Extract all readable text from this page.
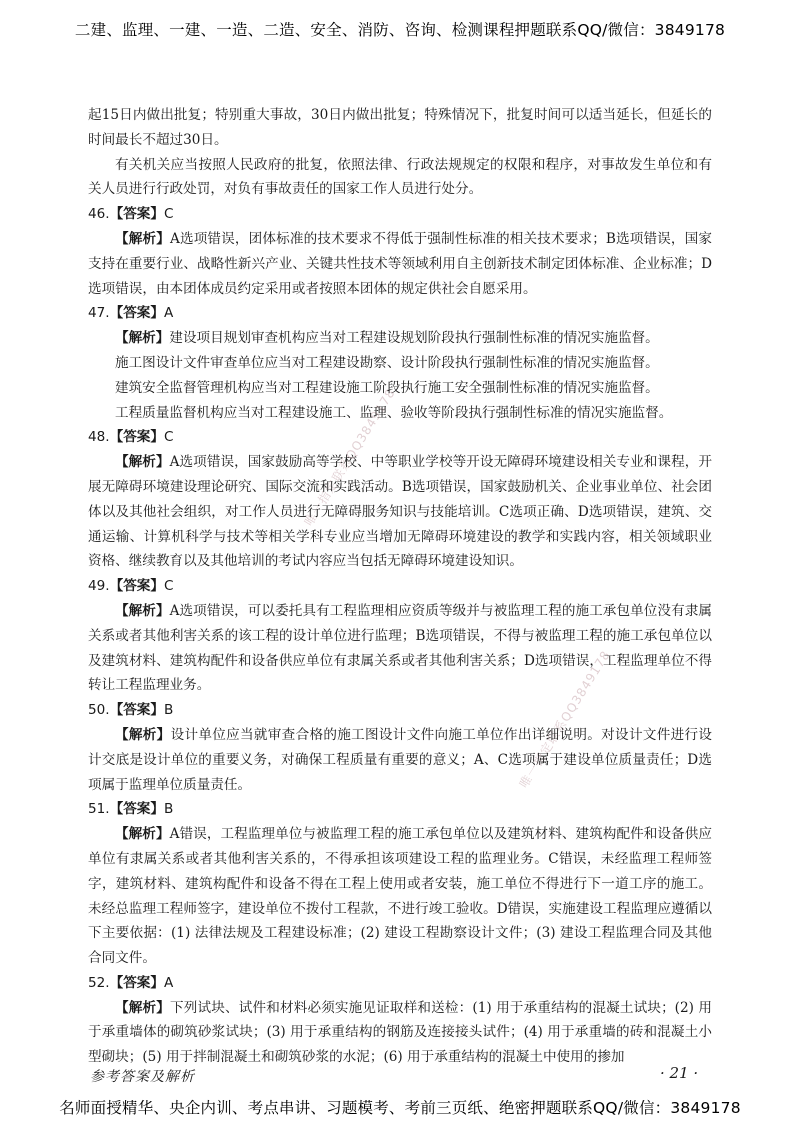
二建、监理、一建、一造、二造、安全、消防、咨询、检测课程押题联系QQ/微信：3849178
唯一指定联系QQ3849178
唯一指定联系QQ3849178

起15日内做出批复；特别重大事故，30日内做出批复；特殊情况下，批复时间可以适当延长，但延长的时间最长不超过30日。

有关机关应当按照人民政府的批复，依照法律、行政法规规定的权限和程序，对事故发生单位和有关人员进行行政处罚，对负有事故责任的国家工作人员进行处分。

46.【答案】C

【解析】A选项错误，团体标准的技术要求不得低于强制性标准的相关技术要求；B选项错误，国家支持在重要行业、战略性新兴产业、关键共性技术等领域利用自主创新技术制定团体标准、企业标准；D选项错误，由本团体成员约定采用或者按照本团体的规定供社会自愿采用。

47.【答案】A

【解析】建设项目规划审查机构应当对工程建设规划阶段执行强制性标准的情况实施监督。

施工图设计文件审查单位应当对工程建设勘察、设计阶段执行强制性标准的情况实施监督。

建筑安全监督管理机构应当对工程建设施工阶段执行施工安全强制性标准的情况实施监督。

工程质量监督机构应当对工程建设施工、监理、验收等阶段执行强制性标准的情况实施监督。

48.【答案】C

【解析】A选项错误，国家鼓励高等学校、中等职业学校等开设无障碍环境建设相关专业和课程，开展无障碍环境建设理论研究、国际交流和实践活动。B选项错误，国家鼓励机关、企业事业单位、社会团体以及其他社会组织，对工作人员进行无障碍服务知识与技能培训。C选项正确、D选项错误，建筑、交通运输、计算机科学与技术等相关学科专业应当增加无障碍环境建设的教学和实践内容，相关领域职业资格、继续教育以及其他培训的考试内容应当包括无障碍环境建设知识。

49.【答案】C

【解析】A选项错误，可以委托具有工程监理相应资质等级并与被监理工程的施工承包单位没有隶属关系或者其他利害关系的该工程的设计单位进行监理；B选项错误，不得与被监理工程的施工承包单位以及建筑材料、建筑构配件和设备供应单位有隶属关系或者其他利害关系；D选项错误，工程监理单位不得转让工程监理业务。

50.【答案】B

【解析】设计单位应当就审查合格的施工图设计文件向施工单位作出详细说明。对设计文件进行设计交底是设计单位的重要义务，对确保工程质量有重要的意义；A、C选项属于建设单位质量责任；D选项属于监理单位质量责任。

51.【答案】B

【解析】A错误，工程监理单位与被监理工程的施工承包单位以及建筑材料、建筑构配件和设备供应单位有隶属关系或者其他利害关系的，不得承担该项建设工程的监理业务。C错误，未经监理工程师签字，建筑材料、建筑构配件和设备不得在工程上使用或者安装，施工单位不得进行下一道工序的施工。未经总监理工程师签字，建设单位不拨付工程款，不进行竣工验收。D错误，实施建设工程监理应遵循以下主要依据：(1) 法律法规及工程建设标准；(2) 建设工程勘察设计文件；(3) 建设工程监理合同及其他合同文件。

52.【答案】A

【解析】下列试块、试件和材料必须实施见证取样和送检：(1) 用于承重结构的混凝土试块；(2) 用于承重墙体的砌筑砂浆试块；(3) 用于承重结构的钢筋及连接接头试件；(4) 用于承重墙的砖和混凝土小型砌块；(5) 用于拌制混凝土和砌筑砂浆的水泥；(6) 用于承重结构的混凝土中使用的掺加

参考答案及解析	· 21 ·
名师面授精华、央企内训、考点串讲、习题模考、考前三页纸、绝密押题联系QQ/微信：3849178
